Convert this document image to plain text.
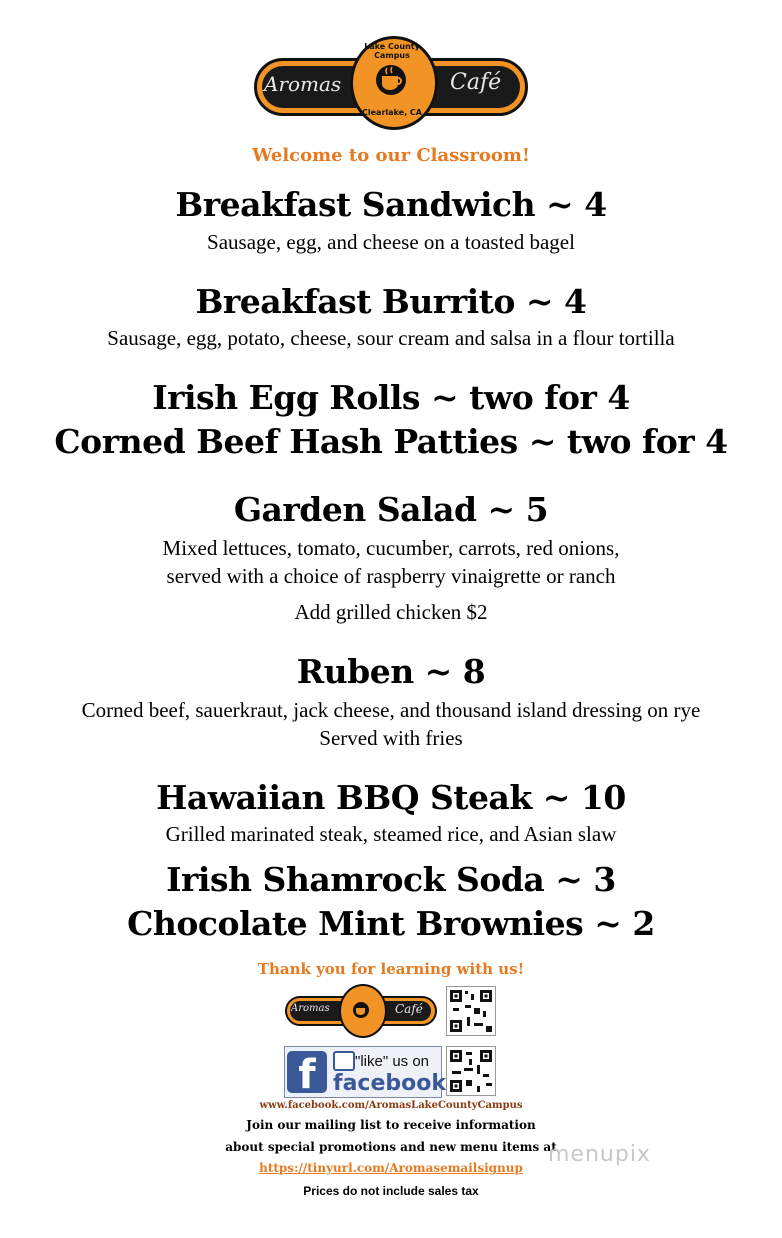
Aromas	Café
Lake County Campus
Clearlake, CA
Welcome to our Classroom!
Breakfast Sandwich ~ 4
Sausage, egg, and cheese on a toasted bagel
Breakfast Burrito ~ 4
Sausage, egg, potato, cheese, sour cream and salsa in a flour tortilla
Irish Egg Rolls ~ two for 4
Corned Beef Hash Patties ~ two for 4
Garden Salad ~ 5
Mixed lettuces, tomato, cucumber, carrots, red onions,
served with a choice of raspberry vinaigrette or ranch
Add grilled chicken $2
Ruben ~ 8
Corned beef, sauerkraut, jack cheese, and thousand island dressing on rye
Served with fries
Hawaiian BBQ Steak ~ 10
Grilled marinated steak, steamed rice, and Asian slaw
Irish Shamrock Soda ~ 3
Chocolate Mint Brownies ~ 2
Thank you for learning with us!
Aromas	Café
f	"like" us on
facebook
www.facebook.com/AromasLakeCountyCampus
Join our mailing list to receive information
about special promotions and new menu items at
https://tinyurl.com/Aromasemailsignup
Prices do not include sales tax
menupix
